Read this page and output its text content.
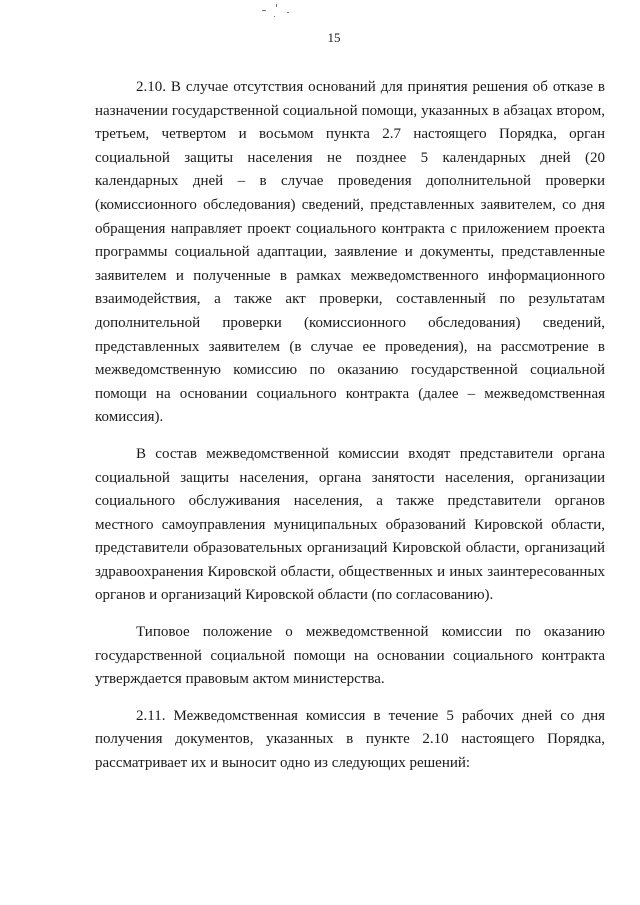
15

2.10. В случае отсутствия оснований для принятия решения об отказе в назначении государственной социальной помощи, указанных в абзацах втором, третьем, четвертом и восьмом пункта 2.7 настоящего Порядка, орган социальной защиты населения не позднее 5 календарных дней (20 календарных дней – в случае проведения дополнительной проверки (комиссионного обследования) сведений, представленных заявителем, со дня обращения направляет проект социального контракта с приложением проекта программы социальной адаптации, заявление и документы, представленные заявителем и полученные в рамках межведомственного информационного взаимодействия, а также акт проверки, составленный по результатам дополнительной проверки (комиссионного обследования) сведений, представленных заявителем (в случае ее проведения), на рассмотрение в межведомственную комиссию по оказанию государственной социальной помощи на основании социального контракта (далее – межведомственная комиссия).

В состав межведомственной комиссии входят представители органа социальной защиты населения, органа занятости населения, организации социального обслуживания населения, а также представители органов местного самоуправления муниципальных образований Кировской области, представители образовательных организаций Кировской области, организаций здравоохранения Кировской области, общественных и иных заинтересованных органов и организаций Кировской области (по согласованию).

Типовое положение о межведомственной комиссии по оказанию государственной социальной помощи на основании социального контракта утверждается правовым актом министерства.

2.11. Межведомственная комиссия в течение 5 рабочих дней со дня получения документов, указанных в пункте 2.10 настоящего Порядка, рассматривает их и выносит одно из следующих решений:
